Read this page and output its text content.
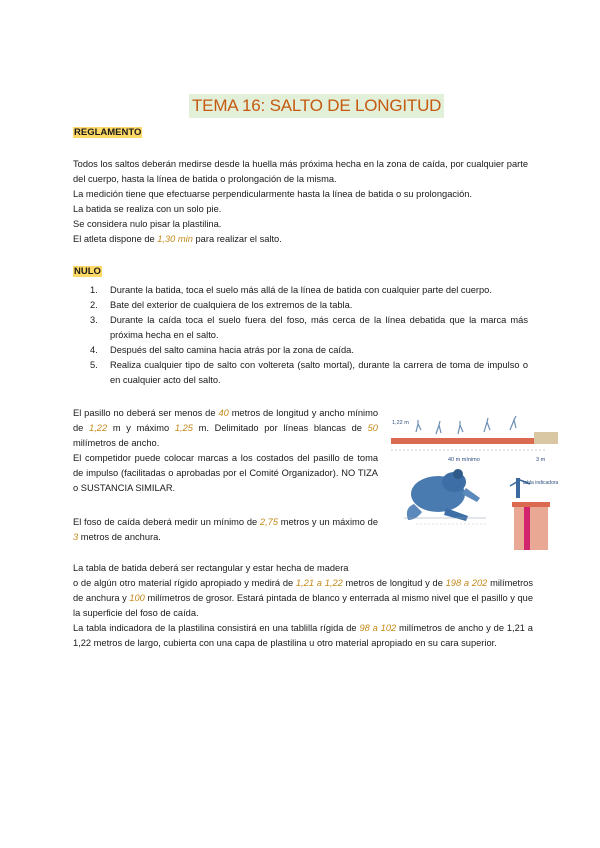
TEMA 16: SALTO DE LONGITUD
REGLAMENTO

Todos los saltos deberán medirse desde la huella más próxima hecha en la zona de caída, por cualquier parte del cuerpo, hasta la línea de batida o prolongación de la misma.

La medición tiene que efectuarse perpendicularmente hasta la línea de batida o su prolongación.

La batida se realiza con un solo pie.

Se considera nulo pisar la plastilina.

El atleta dispone de 1,30 min para realizar el salto.

NULO
1. Durante la batida, toca el suelo más allá de la línea de batida con cualquier parte del cuerpo.
2. Bate del exterior de cualquiera de los extremos de la tabla.
3. Durante la caída toca el suelo fuera del foso, más cerca de la línea debatida que la marca más próxima hecha en el salto.
4. Después del salto camina hacia atrás por la zona de caída.
5. Realiza cualquier tipo de salto con voltereta (salto mortal), durante la carrera de toma de impulso o en cualquier acto del salto.

El pasillo no deberá ser menos de 40 metros de longitud y ancho mínimo de 1,22 m y máximo 1,25 m. Delimitado por líneas blancas de 50 milímetros de ancho.

El competidor puede colocar marcas a los costados del pasillo de toma de impulso (facilitadas o aprobadas por el Comité Organizador). NO TIZA o SUSTANCIA SIMILAR.

El foso de caída deberá medir un mínimo de 2,75 metros y un máximo de 3 metros de anchura.

La tabla de batida deberá ser rectangular y estar hecha de madera

o de algún otro material rígido apropiado y medirá de 1,21 a 1,22 metros de longitud y de 198 a 202 milímetros de anchura y 100 milímetros de grosor. Estará pintada de blanco y enterrada al mismo nivel que el pasillo y que la superficie del foso de caída.

La tabla indicadora de la plastilina consistirá en una tablilla rígida de 98 a 102 milímetros de ancho y de 1,21 a 1,22 metros de largo, cubierta con una capa de plastilina u otro material apropiado en su cara superior.

1,22 m
40 m mínimo	3 m
tabla indicadora
